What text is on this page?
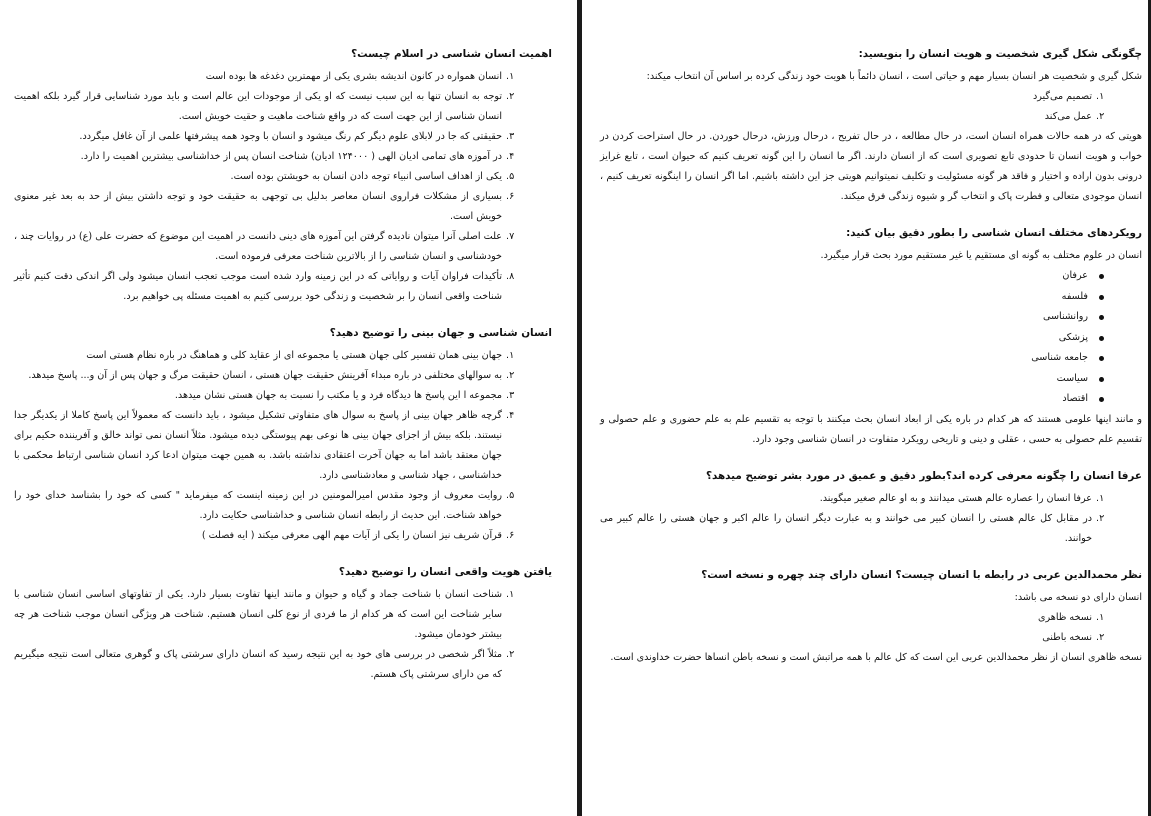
اهمیت انسان شناسی در اسلام چیست؟
۱.
انسان همواره در کانون اندیشه بشری یکی از مهمترین دغدغه ها بوده است
۲.
توجه به انسان تنها به این سبب نیست که او یکی از موجودات این عالم است و باید مورد شناسایی قرار گیرد بلکه اهمیت انسان شناسی از این جهت است که در واقع شناخت ماهیت و حقیت خویش است.
۳.
حقیقتی که جا در لابلای علوم دیگر کم رنگ میشود و انسان با وجود همه پیشرفتها علمی از آن غافل میگردد.
۴.
در آموزه های تمامی ادیان الهی ( ۱۲۴۰۰۰ ادیان) شناخت انسان پس از خداشناسی بیشترین اهمیت را دارد.
۵.
یکی از اهداف اساسی انبیاء توجه دادن انسان به خویشتن بوده است.
۶.
بسیاری از مشکلات فراروی انسان معاصر بدلیل بی توجهی به حقیقت خود و توجه داشتن بیش از حد به بعد غیر معنوی خویش است.
۷.
علت اصلی آنرا میتوان نادیده گرفتن این آموزه های دینی دانست در اهمیت این موضوع که حضرت علی (ع) در روایات چند ، خودشناسی و انسان شناسی را از بالاترین شناخت معرفی فرموده است.
۸.
تأکیدات فراوان آیات و روایاتی که در این زمینه وارد شده است موجب تعجب انسان میشود ولی اگر اندکی دقت کنیم تأثیر شناخت واقعی انسان را بر شخصیت و زندگی خود بررسی کنیم به اهمیت مسئله پی خواهیم برد.
انسان شناسی و جهان بینی را توضیح دهید؟
۱.
جهان بینی همان تفسیر کلی جهان هستی یا مجموعه ای از عقاید کلی و هماهنگ در باره نظام هستی است
۲.
به سوالهای مختلفی در باره مبداء آفرینش حقیقت جهان هستی ، انسان حقیقت مرگ و جهان پس از آن و... پاسخ میدهد.
۳.
مجموعه ا این پاسخ ها دیدگاه فرد و یا مکتب را نسبت به جهان هستی نشان میدهد.
۴.
گرچه ظاهر جهان بینی از پاسخ به سوال های متفاوتی تشکیل میشود ، باید دانست که معمولاً این پاسخ کاملا از یکدیگر جدا نیستند. بلکه بیش از اجزای جهان بینی ها نوعی بهم پیوستگی دیده میشود. مثلاً انسان نمی تواند خالق و آفریننده حکیم برای جهان معتقد باشد اما به جهان آخرت اعتقادی نداشته باشد. به همین جهت میتوان ادعا کرد انسان شناسی ارتباط محکمی با خداشناسی ، جهاد شناسی و معادشناسی دارد.
۵.
روایت معروف از وجود مقدس امیرالمومنین در این زمینه اینست که میفرماید " کسی که خود را بشناسد خدای خود را خواهد شناخت. این حدیث از رابطه انسان شناسی و خداشناسی حکایت دارد.
۶.
قرآن شریف نیز انسان را یکی از آیات مهم الهی معرفی میکند ( ایه فصلت )
یافتن هویت واقعی انسان را توضیح دهید؟
۱.
شناخت انسان با شناخت جماد و گیاه و حیوان و مانند اینها تفاوت بسیار دارد. یکی از تفاوتهای اساسی انسان شناسی با سایر شناخت این است که هر کدام از ما فردی از نوع کلی انسان هستیم. شناخت هر ویژگی انسان موجب شناخت هر چه بیشتر خودمان میشود.
۲.
مثلاً اگر شخصی در بررسی های خود به این نتیجه رسید که انسان دارای سرشتی پاک و گوهری متعالی است نتیجه میگیریم که من دارای سرشتی پاک هستم.
چگونگی شکل گیری شخصیت و هویت انسان را بنویسید:

شکل گیری و شخصیت هر انسان بسیار مهم و حیاتی است ، انسان دائماً با هویت خود زندگی کرده بر اساس آن انتخاب میکند:

۱.
تصمیم می‌گیرد
۲.
عمل می‌کند

هویتی که در همه حالات همراه انسان است، در حال مطالعه ، در حال تفریح ، درحال ورزش، درحال خوردن. در حال استراحت کردن در خواب و هویت انسان تا حدودی تابع تصویری است که از انسان دارند. اگر ما انسان را این گونه تعریف کنیم که حیوان است ، تابع غرایز درونی بدون اراده و اختیار و فاقد هر گونه مسئولیت و تکلیف نمیتوانیم هویتی جز این داشته باشیم. اما اگر انسان را اینگونه تعریف کنیم ، انسان موجودی متعالی و فطرت پاک و انتخاب گر و شیوه زندگی فرق میکند.

رویکردهای مختلف انسان شناسی را بطور دقیق بیان کنید:

انسان در علوم مختلف به گونه ای مستقیم یا غیر مستقیم مورد بحث قرار میگیرد.

عرفان
فلسفه
روانشناسی
پزشکی
جامعه شناسی
سیاست
اقتصاد

و مانند اینها علومی هستند که هر کدام در باره یکی از ابعاد انسان بحث میکنند با توجه به تقسیم علم به علم حضوری و علم حصولی و تقسیم علم حصولی به حسی ، عقلی و دینی و تاریخی رویکرد متفاوت در انسان شناسی وجود دارد.

عرفا انسان را چگونه معرفی کرده اند؟بطور دقیق و عمیق در مورد بشر توضیح میدهد؟
۱.
عرفا انسان را عصاره عالم هستی میدانند و به او عالم صغیر میگویند.
۲.
در مقابل کل عالم هستی را انسان کبیر می خوانند و به عبارت دیگر انسان را عالم اکبر و جهان هستی را عالم کبیر می خوانند.
نظر محمدالدین عربی در رابطه با انسان چیست؟ انسان دارای چند چهره و نسخه است؟

انسان دارای دو نسخه می باشد:

۱.
نسخه ظاهری
۲.
نسخه باطنی

نسخه ظاهری انسان از نظر محمدالدین عربی این است که کل عالم با همه مراتبش است و نسخه باطن انساها حضرت خداوندی است.
